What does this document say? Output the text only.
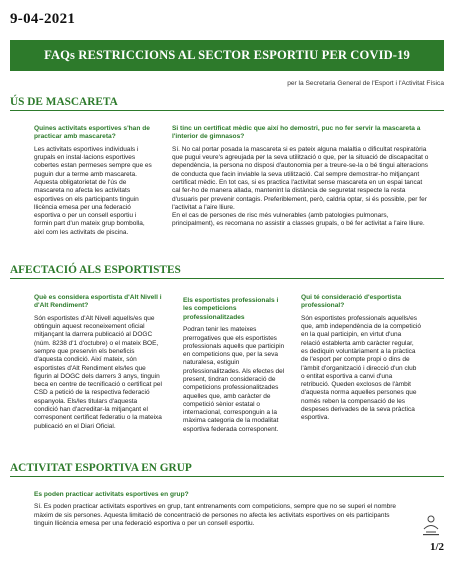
9-04-2021
FAQs RESTRICCIONS AL SECTOR ESPORTIU PER COVID-19
per la Secretaria General de l'Esport i l'Activitat Física
ÚS DE MASCARETA
Quines activitats esportives s'han de practicar amb mascareta?
Les activitats esportives individuals i grupals en instal·lacions esportives cobertes estan permeses sempre que es puguin dur a terme amb mascareta. Aquesta obligatorietat de l'ús de mascareta no afecta les activitats esportives on els participants tinguin llicència emesa per una federació esportiva o per un consell esportiu i formin part d'un mateix grup bombolla, així com les activitats de piscina.
Si tinc un certificat mèdic que així ho demostri, puc no fer servir la mascareta a l'interior de gimnasos?
Sí. No cal portar posada la mascareta si es pateix alguna malaltia o dificultat respiratòria que pugui veure's agreujada per la seva utilització o que, per la situació de discapacitat o dependència, la persona no disposi d'autonomia per a treure-se-la o bé tingui alteracions de conducta que facin inviable la seva utilització. Cal sempre demostrar-ho mitjançant certificat mèdic. En tot cas, si es practica l'activitat sense mascareta en un espai tancat cal fer-ho de manera allada, mantenint la distància de seguretat respecte la resta d'usuaris per prevenir contagis. Preferiblement, però, caldria optar, si és possible, per fer l'activitat a l'aire lliure.
En el cas de persones de risc més vulnerables (amb patologies pulmonars, principalment), es recomana no assistir a classes grupals, o bé fer activitat a l'aire lliure.
AFECTACIÓ ALS ESPORTISTES
Què es considera esportista d'Alt Nivell i d'Alt Rendiment?
Són esportistes d'Alt Nivell aquells/es que obtinguin aquest reconeixement oficial mitjançant la darrera publicació al DOGC (núm. 8238 d'1 d'octubre) o el mateix BOE, sempre que preservin els beneficis d'aquesta condició. Així mateix, són esportistes d'Alt Rendiment els/les que figurin al DOGC dels darrers 3 anys, tinguin beca en centre de tecnificació o certificat pel CSD a petició de la respectiva federació espanyola. Els/les titulars d'aquesta condició han d'acreditar-la mitjançant el corresponent certificat federatiu o la mateixa publicació en el Diari Oficial.
Els esportistes professionals i les competicions professionalitzades
Podran tenir les mateixes prerrogatives que els esportistes professionals aquells que participin en competicions que, per la seva naturalesa, estiguin professionalitzades. Als efectes del present, tindran consideració de competicions professionalitzades aquelles que, amb caràcter de competició sènior estatal o internacional, corresponguin a la màxima categoria de la modalitat esportiva federada corresponent.
Qui té consideració d'esportista professional?
Són esportistes professionals aquells/es que, amb independència de la competició en la qual participin, en virtut d'una relació establerta amb caràcter regular, es dediquin voluntàriament a la pràctica de l'esport per compte propi o dins de l'àmbit d'organització i direcció d'un club o entitat esportiva a canvi d'una retribució. Queden exclosos de l'àmbit d'aquesta norma aquelles persones que només reben la compensació de les despeses derivades de la seva pràctica esportiva.
ACTIVITAT ESPORTIVA EN GRUP
Es poden practicar activitats esportives en grup?
Sí. Es poden practicar activitats esportives en grup, tant entrenaments com competicions, sempre que no se superi el nombre màxim de sis persones. Aquesta limitació de concentració de persones no afecta les activitats esportives on els participants tinguin llicència emesa per una federació esportiva o per un consell esportiu.
1/2
